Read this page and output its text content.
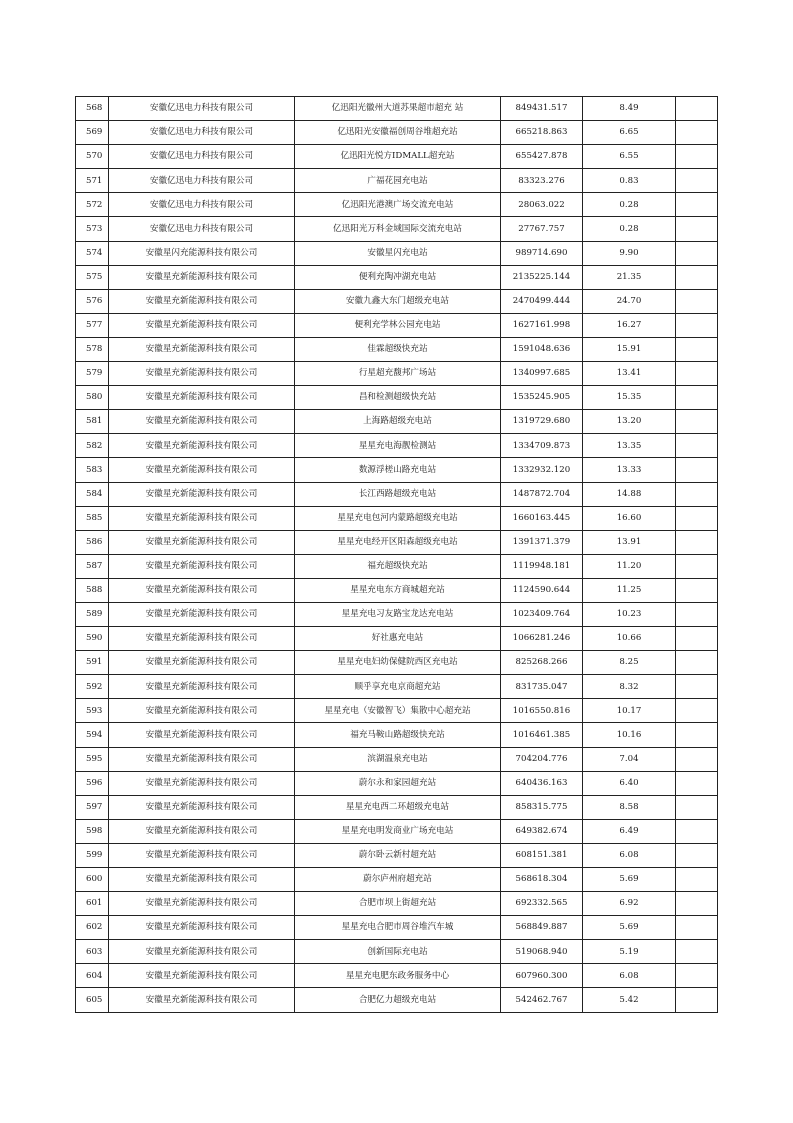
568	安徽亿迅电力科技有限公司	亿迅阳光徽州大道苏果超市超充 站	849431.517	8.49	
569	安徽亿迅电力科技有限公司	亿迅阳光安徽福创周谷堆超充站	665218.863	6.65	
570	安徽亿迅电力科技有限公司	亿迅阳光悦方IDMALL超充站	655427.878	6.55	
571	安徽亿迅电力科技有限公司	广福花园充电站	83323.276	0.83	
572	安徽亿迅电力科技有限公司	亿迅阳光港澳广场交流充电站	28063.022	0.28	
573	安徽亿迅电力科技有限公司	亿迅阳光万科金域国际交流充电站	27767.757	0.28	
574	安徽星闪充能源科技有限公司	安徽星闪充电站	989714.690	9.90	
575	安徽星充新能源科技有限公司	便利充陶冲湖充电站	2135225.144	21.35	
576	安徽星充新能源科技有限公司	安徽九鑫大东门超级充电站	2470499.444	24.70	
577	安徽星充新能源科技有限公司	便利充学林公园充电站	1627161.998	16.27	
578	安徽星充新能源科技有限公司	佳霖超级快充站	1591048.636	15.91	
579	安徽星充新能源科技有限公司	行星超充馥邦广场站	1340997.685	13.41	
580	安徽星充新能源科技有限公司	昌和检测超级快充站	1535245.905	15.35	
581	安徽星充新能源科技有限公司	上海路超级充电站	1319729.680	13.20	
582	安徽星充新能源科技有限公司	星星充电海靓检测站	1334709.873	13.35	
583	安徽星充新能源科技有限公司	数源浮槎山路充电站	1332932.120	13.33	
584	安徽星充新能源科技有限公司	长江西路超级充电站	1487872.704	14.88	
585	安徽星充新能源科技有限公司	星星充电包河内蒙路超级充电站	1660163.445	16.60	
586	安徽星充新能源科技有限公司	星星充电经开区阳森超级充电站	1391371.379	13.91	
587	安徽星充新能源科技有限公司	福充超级快充站	1119948.181	11.20	
588	安徽星充新能源科技有限公司	星星充电东方商城超充站	1124590.644	11.25	
589	安徽星充新能源科技有限公司	星星充电习友路宝龙达充电站	1023409.764	10.23	
590	安徽星充新能源科技有限公司	好社惠充电站	1066281.246	10.66	
591	安徽星充新能源科技有限公司	星星充电妇幼保健院西区充电站	825268.266	8.25	
592	安徽星充新能源科技有限公司	顺乎享充电京商超充站	831735.047	8.32	
593	安徽星充新能源科技有限公司	星星充电（安徽智飞）集散中心超充站	1016550.816	10.17	
594	安徽星充新能源科技有限公司	福充马鞍山路超级快充站	1016461.385	10.16	
595	安徽星充新能源科技有限公司	滨湖温泉充电站	704204.776	7.04	
596	安徽星充新能源科技有限公司	蔚尔永和家园超充站	640436.163	6.40	
597	安徽星充新能源科技有限公司	星星充电西二环超级充电站	858315.775	8.58	
598	安徽星充新能源科技有限公司	星星充电明发商业广场充电站	649382.674	6.49	
599	安徽星充新能源科技有限公司	蔚尔卧云新村超充站	608151.381	6.08	
600	安徽星充新能源科技有限公司	蔚尔庐州府超充站	568618.304	5.69	
601	安徽星充新能源科技有限公司	合肥市坝上街超充站	692332.565	6.92	
602	安徽星充新能源科技有限公司	星星充电合肥市周谷堆汽车城	568849.887	5.69	
603	安徽星充新能源科技有限公司	创新国际充电站	519068.940	5.19	
604	安徽星充新能源科技有限公司	星星充电肥东政务服务中心	607960.300	6.08	
605	安徽星充新能源科技有限公司	合肥亿力超级充电站	542462.767	5.42	
